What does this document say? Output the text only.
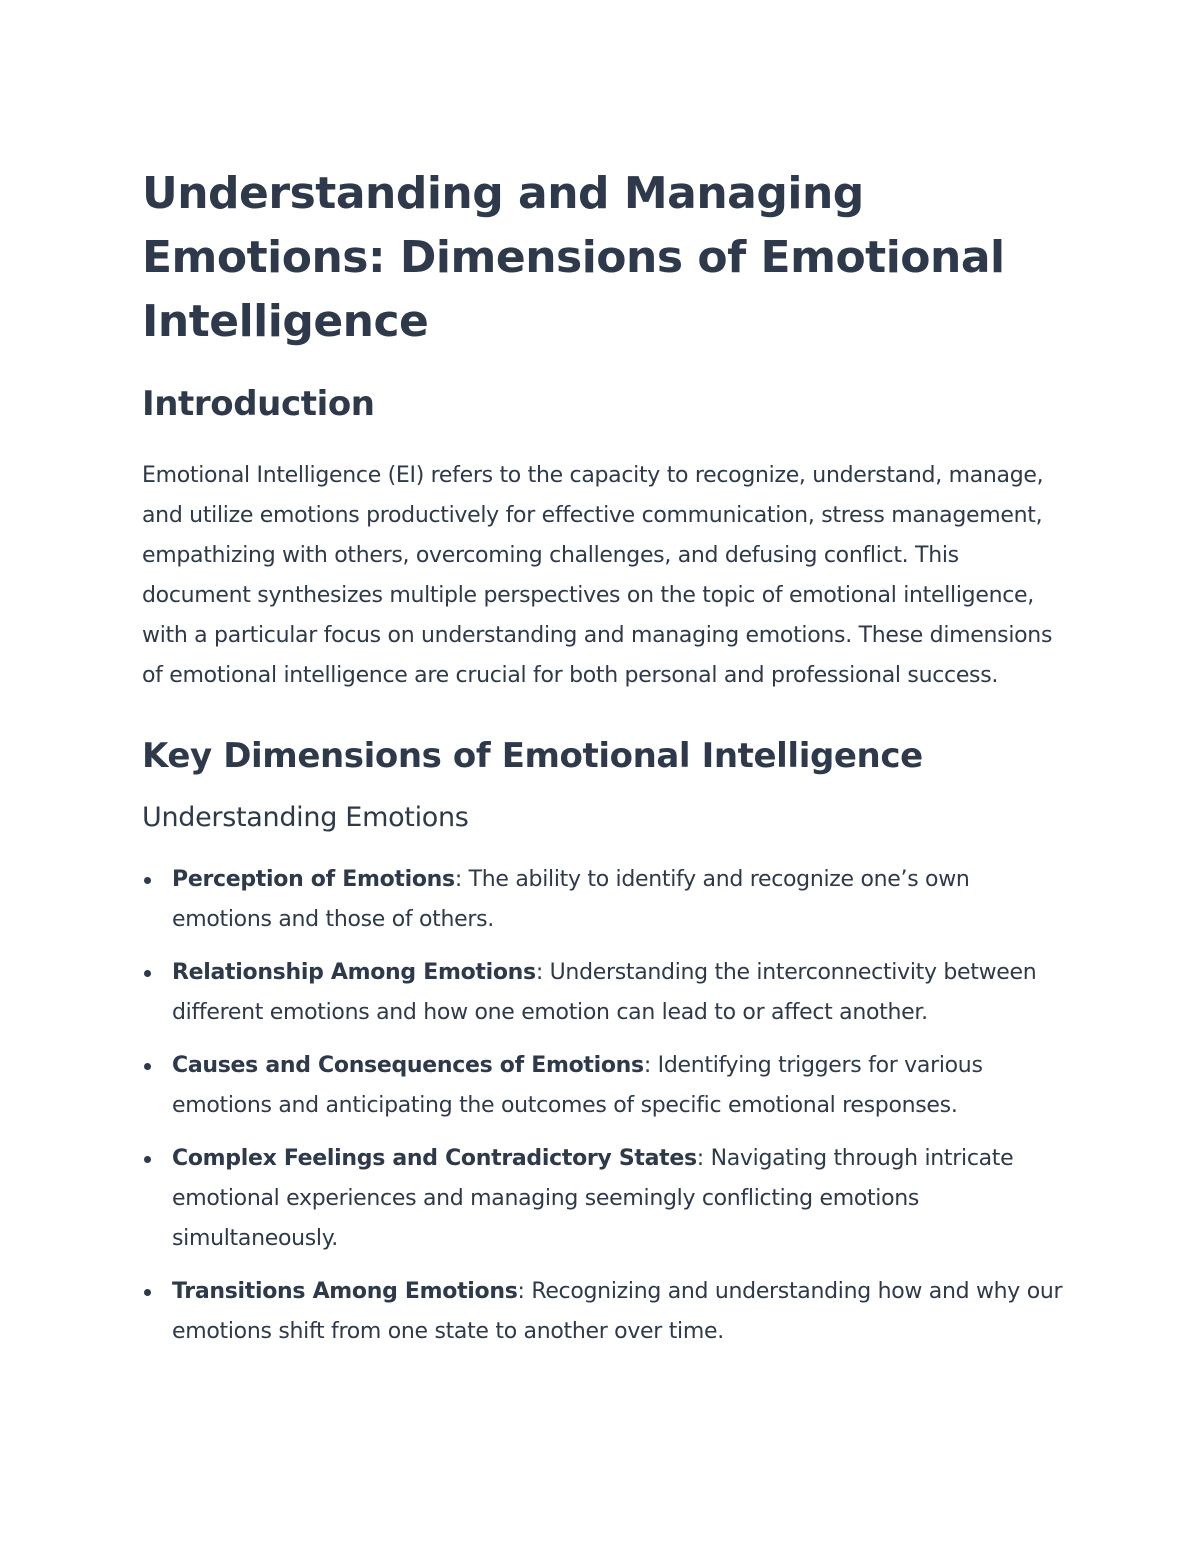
Understanding and Managing Emotions: Dimensions of Emotional Intelligence
Introduction

Emotional Intelligence (EI) refers to the capacity to recognize, understand, manage, and utilize emotions productively for effective communication, stress management, empathizing with others, overcoming challenges, and defusing conflict. This document synthesizes multiple perspectives on the topic of emotional intelligence, with a particular focus on understanding and managing emotions. These dimensions of emotional intelligence are crucial for both personal and professional success.

Key Dimensions of Emotional Intelligence
Understanding Emotions
Perception of Emotions: The ability to identify and recognize one’s own emotions and those of others.
Relationship Among Emotions: Understanding the interconnectivity between different emotions and how one emotion can lead to or affect another.
Causes and Consequences of Emotions: Identifying triggers for various emotions and anticipating the outcomes of specific emotional responses.
Complex Feelings and Contradictory States: Navigating through intricate emotional experiences and managing seemingly conflicting emotions simultaneously.
Transitions Among Emotions: Recognizing and understanding how and why our emotions shift from one state to another over time.
